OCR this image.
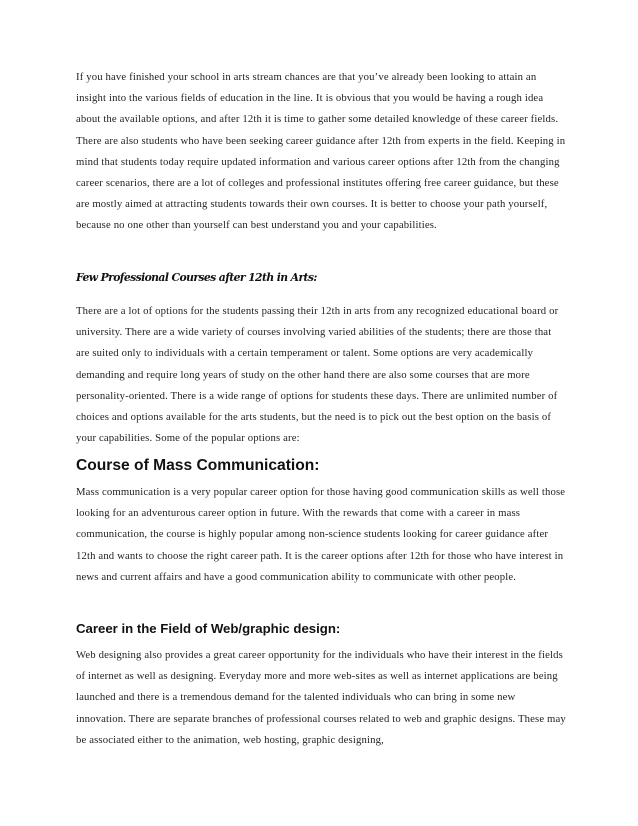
If you have finished your school in arts stream chances are that you’ve already been looking to attain an insight into the various fields of education in the line. It is obvious that you would be having a rough idea about the available options, and after 12th it is time to gather some detailed knowledge of these career fields. There are also students who have been seeking career guidance after 12th from experts in the field. Keeping in mind that students today require updated information and various career options after 12th from the changing career scenarios, there are a lot of colleges and professional institutes offering free career guidance, but these are mostly aimed at attracting students towards their own courses. It is better to choose your path yourself, because no one other than yourself can best understand you and your capabilities.

Few Professional Courses after 12th in Arts:

There are a lot of options for the students passing their 12th in arts from any recognized educational board or university. There are a wide variety of courses involving varied abilities of the students; there are those that are suited only to individuals with a certain temperament or talent. Some options are very academically demanding and require long years of study on the other hand there are also some courses that are more personality-oriented. There is a wide range of options for students these days. There are unlimited number of choices and options available for the arts students, but the need is to pick out the best option on the basis of your capabilities. Some of the popular options are:

Course of Mass Communication:

Mass communication is a very popular career option for those having good communication skills as well those looking for an adventurous career option in future. With the rewards that come with a career in mass communication, the course is highly popular among non-science students looking for career guidance after 12th and wants to choose the right career path. It is the career options after 12th for those who have interest in news and current affairs and have a good communication ability to communicate with other people.

Career in the Field of Web/graphic design:

Web designing also provides a great career opportunity for the individuals who have their interest in the fields of internet as well as designing. Everyday more and more web-sites as well as internet applications are being launched and there is a tremendous demand for the talented individuals who can bring in some new innovation. There are separate branches of professional courses related to web and graphic designs. These may be associated either to the animation, web hosting, graphic designing,
